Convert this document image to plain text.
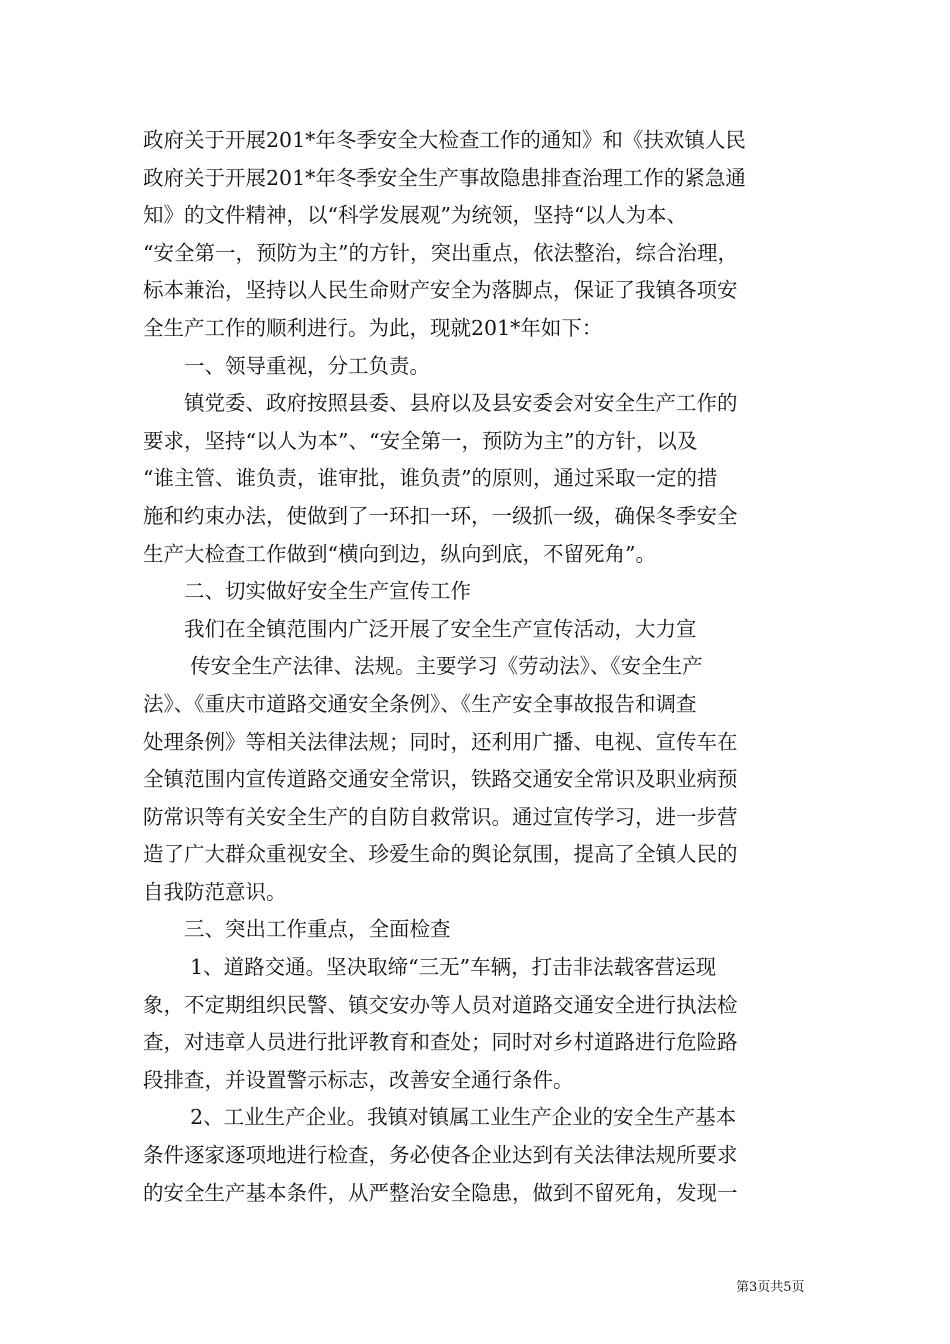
政府关于开展201*年冬季安全大检查工作的通知》和《扶欢镇人民
政府关于开展201*年冬季安全生产事故隐患排查治理工作的紧急通
知》的文件精神，以“科学发展观”为统领，坚持“以人为本、
“安全第一，预防为主”的方针，突出重点，依法整治，综合治理，
标本兼治，坚持以人民生命财产安全为落脚点，保证了我镇各项安
全生产工作的顺利进行。为此，现就201*年如下：
一、领导重视，分工负责。
镇党委、政府按照县委、县府以及县安委会对安全生产工作的
要求，坚持“以人为本”、“安全第一，预防为主”的方针，以及
“谁主管、谁负责，谁审批，谁负责”的原则，通过采取一定的措
施和约束办法，使做到了一环扣一环，一级抓一级，确保冬季安全
生产大检查工作做到“横向到边，纵向到底，不留死角”。
二、切实做好安全生产宣传工作
我们在全镇范围内广泛开展了安全生产宣传活动，大力宣
传安全生产法律、法规。主要学习《劳动法》、《安全生产
法》、《重庆市道路交通安全条例》、《生产安全事故报告和调查
处理条例》等相关法律法规；同时，还利用广播、电视、宣传车在
全镇范围内宣传道路交通安全常识，铁路交通安全常识及职业病预
防常识等有关安全生产的自防自救常识。通过宣传学习，进一步营
造了广大群众重视安全、珍爱生命的舆论氛围，提高了全镇人民的
自我防范意识。
三、突出工作重点，全面检查
1、道路交通。坚决取缔“三无”车辆，打击非法载客营运现
象，不定期组织民警、镇交安办等人员对道路交通安全进行执法检
查，对违章人员进行批评教育和查处；同时对乡村道路进行危险路
段排查，并设置警示标志，改善安全通行条件。
2、工业生产企业。我镇对镇属工业生产企业的安全生产基本
条件逐家逐项地进行检查，务必使各企业达到有关法律法规所要求
的安全生产基本条件，从严整治安全隐患，做到不留死角，发现一
第3页共5页
